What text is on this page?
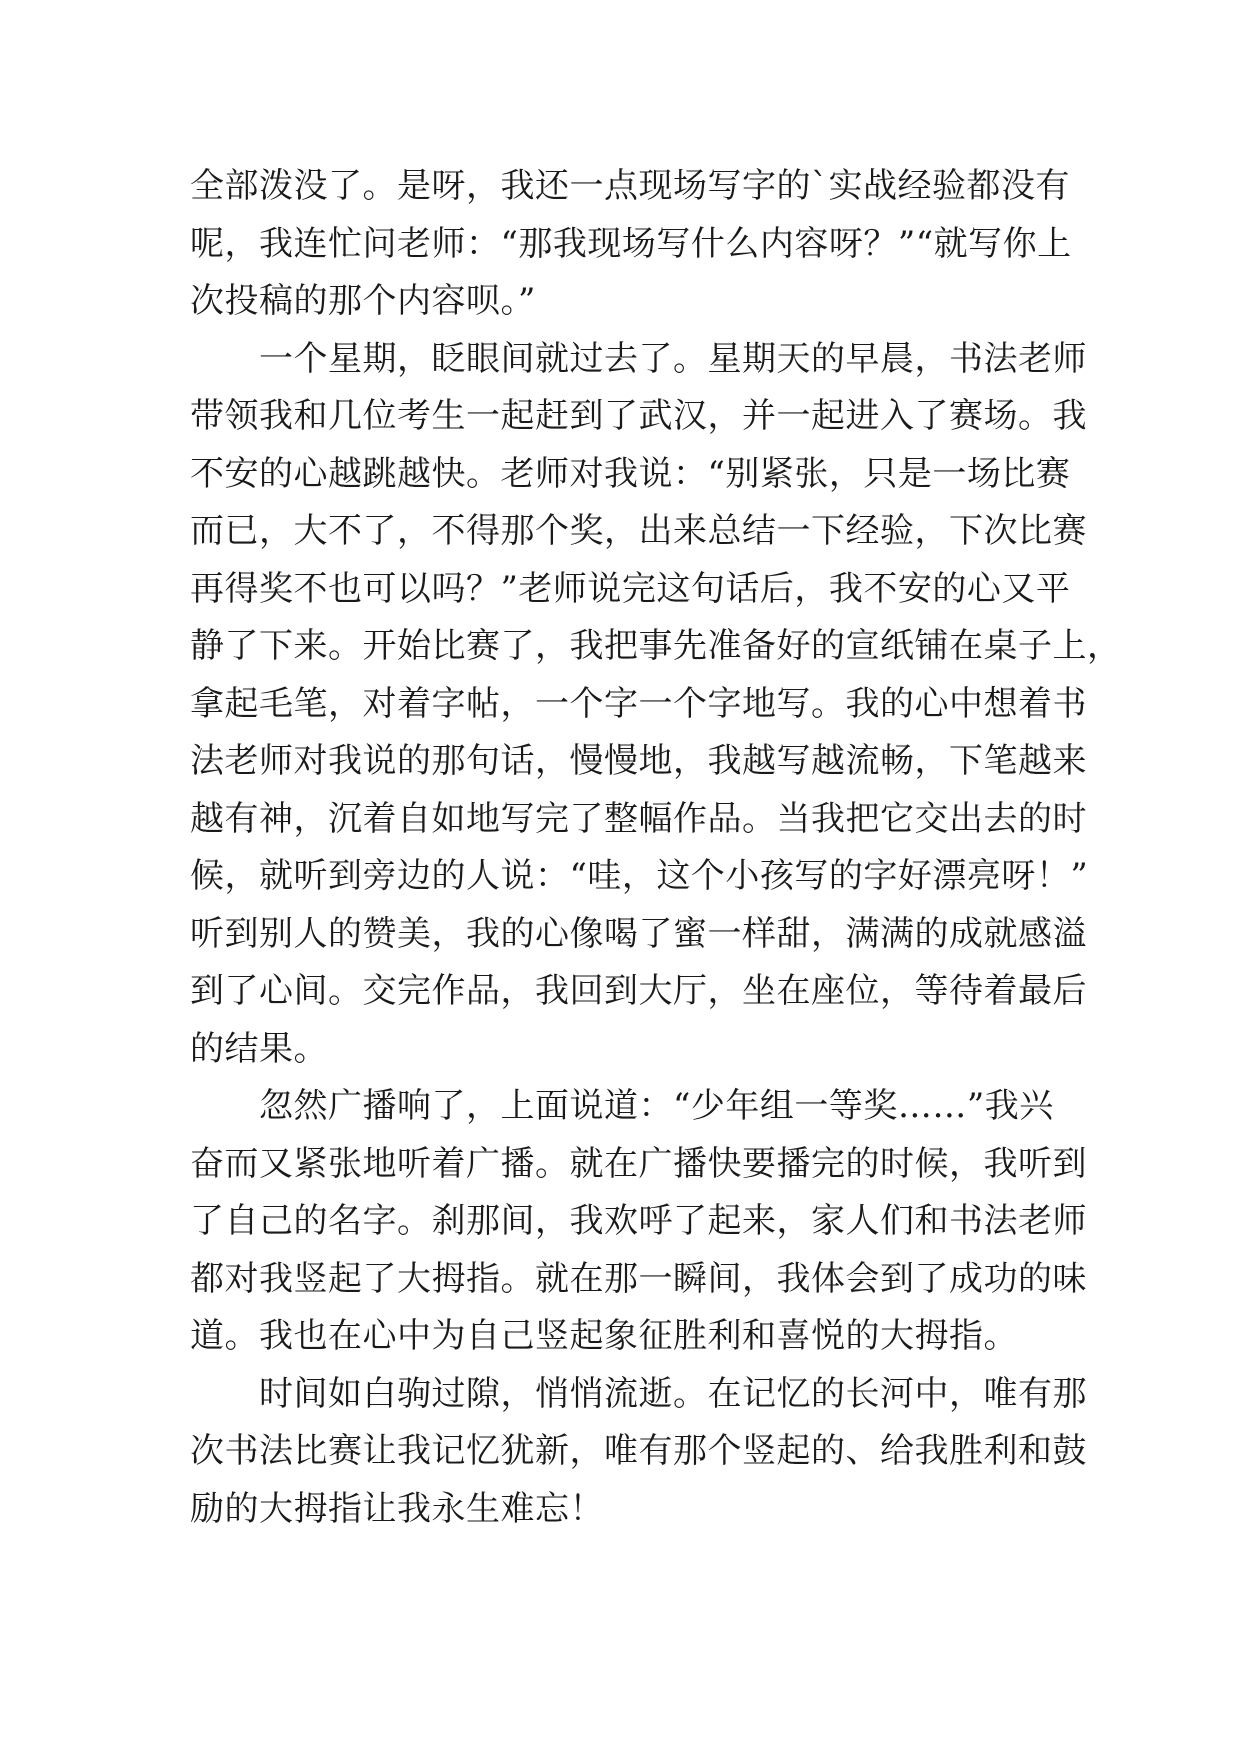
全部泼没了。是呀，我还一点现场写字的`实战经验都没有
呢，我连忙问老师：“那我现场写什么内容呀？”“就写你上
次投稿的那个内容呗。”
　　一个星期，眨眼间就过去了。星期天的早晨，书法老师
带领我和几位考生一起赶到了武汉，并一起进入了赛场。我
不安的心越跳越快。老师对我说：“别紧张，只是一场比赛
而已，大不了，不得那个奖，出来总结一下经验，下次比赛
再得奖不也可以吗？”老师说完这句话后，我不安的心又平
静了下来。开始比赛了，我把事先准备好的宣纸铺在桌子上，
拿起毛笔，对着字帖，一个字一个字地写。我的心中想着书
法老师对我说的那句话，慢慢地，我越写越流畅，下笔越来
越有神，沉着自如地写完了整幅作品。当我把它交出去的时
候，就听到旁边的人说：“哇，这个小孩写的字好漂亮呀！”
听到别人的赞美，我的心像喝了蜜一样甜，满满的成就感溢
到了心间。交完作品，我回到大厅，坐在座位，等待着最后
的结果。
　　忽然广播响了，上面说道：“少年组一等奖……”我兴
奋而又紧张地听着广播。就在广播快要播完的时候，我听到
了自己的名字。刹那间，我欢呼了起来，家人们和书法老师
都对我竖起了大拇指。就在那一瞬间，我体会到了成功的味
道。我也在心中为自己竖起象征胜利和喜悦的大拇指。
　　时间如白驹过隙，悄悄流逝。在记忆的长河中，唯有那
次书法比赛让我记忆犹新，唯有那个竖起的、给我胜利和鼓
励的大拇指让我永生难忘！
